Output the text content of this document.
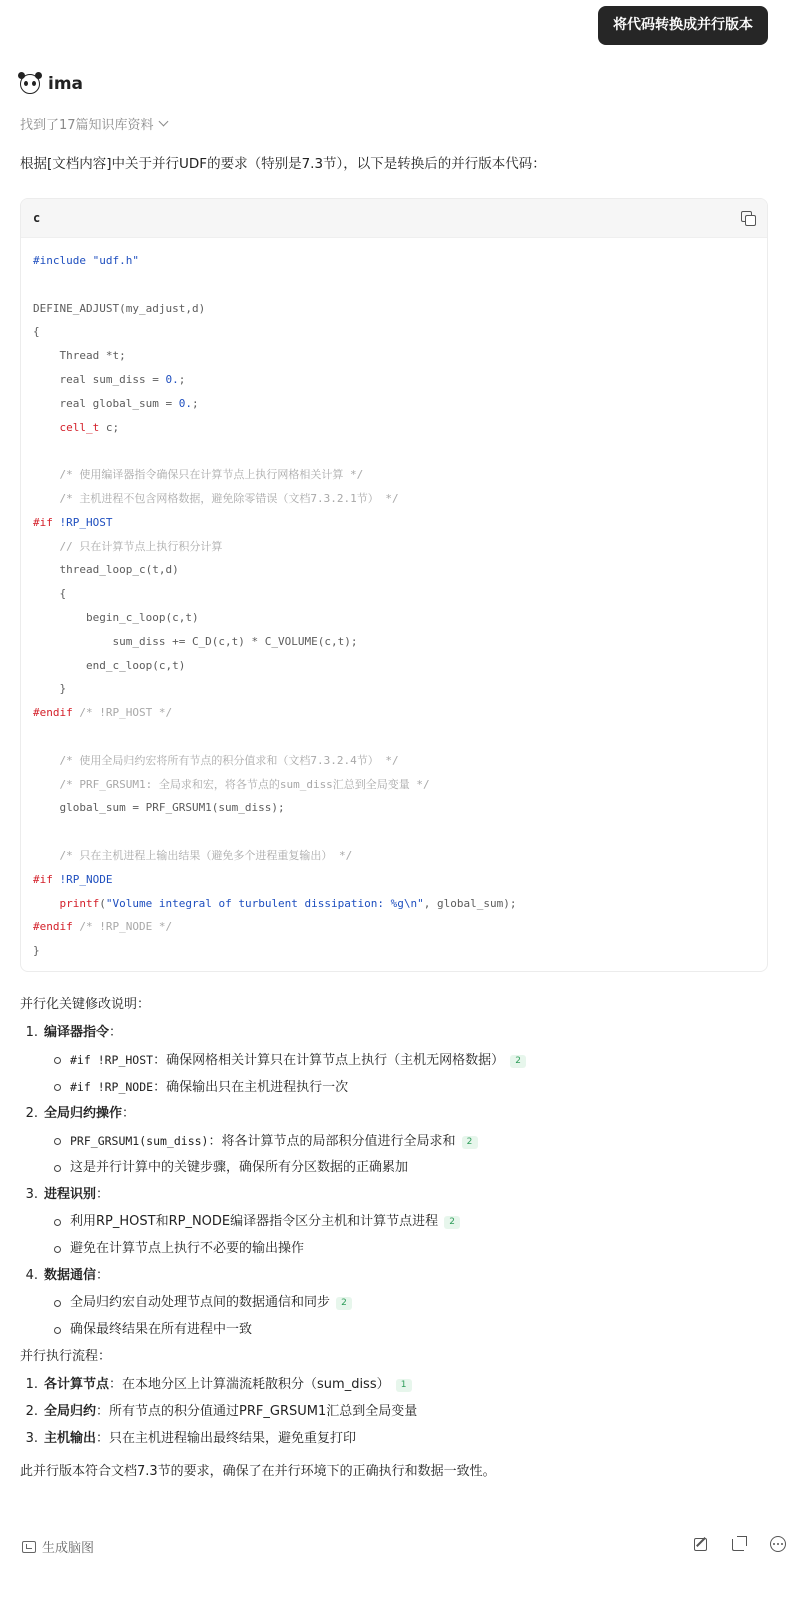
将代码转换成并行版本
ima
找到了17篇知识库资料
根据[文档内容]中关于并行UDF的要求（特别是7.3节），以下是转换后的并行版本代码：
c
#include "udf.h"
DEFINE_ADJUST(my_adjust,d)
{
Thread *t;
real sum_diss = 0.;
real global_sum = 0.;
cell_t c;
/* 使用编译器指令确保只在计算节点上执行网格相关计算 */
/* 主机进程不包含网格数据，避免除零错误（文档7.3.2.1节） */
#if !RP_HOST
// 只在计算节点上执行积分计算
thread_loop_c(t,d)
{
begin_c_loop(c,t)
sum_diss += C_D(c,t) * C_VOLUME(c,t);
end_c_loop(c,t)
}
#endif /* !RP_HOST */
/* 使用全局归约宏将所有节点的积分值求和（文档7.3.2.4节） */
/* PRF_GRSUM1: 全局求和宏，将各节点的sum_diss汇总到全局变量 */
global_sum = PRF_GRSUM1(sum_diss);
/* 只在主机进程上输出结果（避免多个进程重复输出） */
#if !RP_NODE
printf("Volume integral of turbulent dissipation: %g\n", global_sum);
#endif /* !RP_NODE */
}

并行化关键修改说明：

1. 编译器指令：
#if !RP_HOST：确保网格相关计算只在计算节点上执行（主机无网格数据） 2
#if !RP_NODE：确保输出只在主机进程执行一次
2. 全局归约操作：
PRF_GRSUM1(sum_diss)：将各计算节点的局部积分值进行全局求和 2
这是并行计算中的关键步骤，确保所有分区数据的正确累加
3. 进程识别：
利用RP_HOST和RP_NODE编译器指令区分主机和计算节点进程 2
避免在计算节点上执行不必要的输出操作
4. 数据通信：
全局归约宏自动处理节点间的数据通信和同步 2
确保最终结果在所有进程中一致

并行执行流程：

1. 各计算节点：在本地分区上计算湍流耗散积分（sum_diss） 1
2. 全局归约：所有节点的积分值通过PRF_GRSUM1汇总到全局变量
3. 主机输出：只在主机进程输出最终结果，避免重复打印

此并行版本符合文档7.3节的要求，确保了在并行环境下的正确执行和数据一致性。

生成脑图
